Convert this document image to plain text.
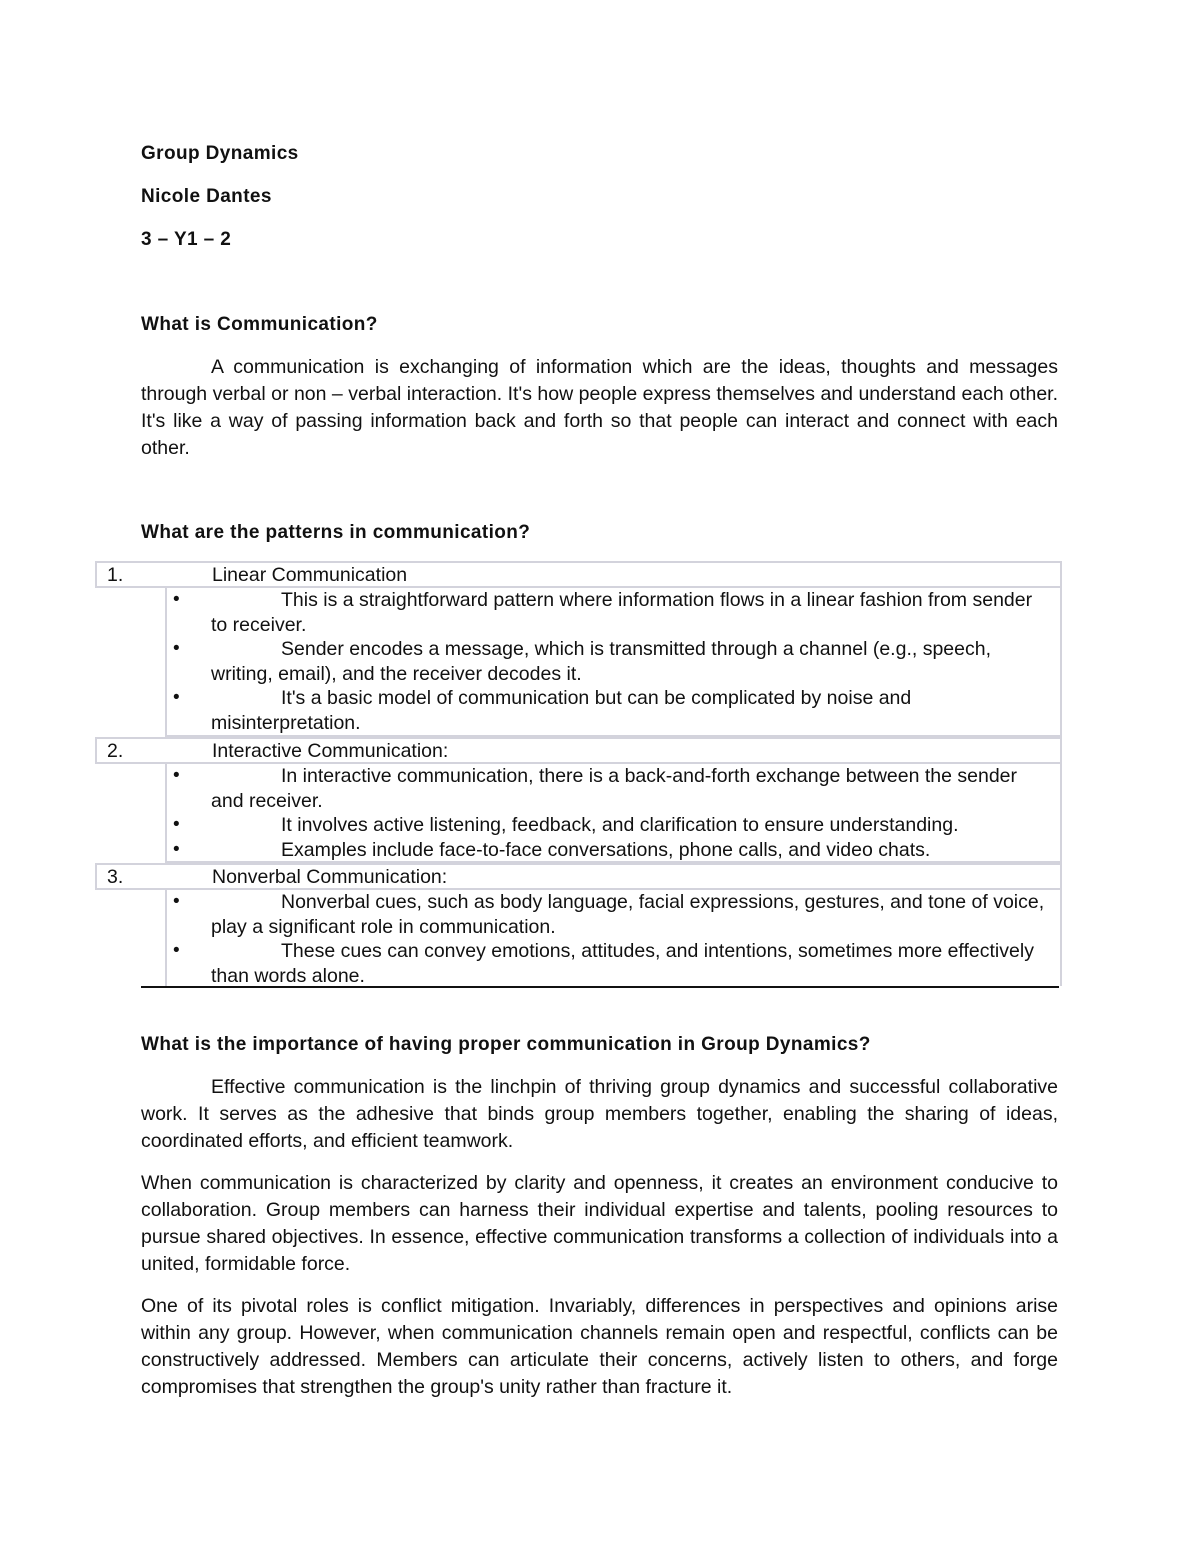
Group Dynamics
Nicole Dantes
3 – Y1 – 2
What is Communication?
A communication is exchanging of information which are the ideas, thoughts and messages through verbal or non – verbal interaction. It's how people express themselves and understand each other. It's like a way of passing information back and forth so that people can interact and connect with each other.
What are the patterns in communication?
What is the importance of having proper communication in Group Dynamics?
Effective communication is the linchpin of thriving group dynamics and successful collaborative work. It serves as the adhesive that binds group members together, enabling the sharing of ideas, coordinated efforts, and efficient teamwork.
When communication is characterized by clarity and openness, it creates an environment conducive to collaboration. Group members can harness their individual expertise and talents, pooling resources to pursue shared objectives. In essence, effective communication transforms a collection of individuals into a united, formidable force.
One of its pivotal roles is conflict mitigation. Invariably, differences in perspectives and opinions arise within any group. However, when communication channels remain open and respectful, conflicts can be constructively addressed. Members can articulate their concerns, actively listen to others, and forge compromises that strengthen the group's unity rather than fracture it.
1.	Linear Communication
•	This is a straightforward pattern where information flows in a linear fashion from sender to receiver.
•	Sender encodes a message, which is transmitted through a channel (e.g., speech, writing, email), and the receiver decodes it.
•	It's a basic model of communication but can be complicated by noise and misinterpretation.
2.	Interactive Communication:
•	In interactive communication, there is a back-and-forth exchange between the sender and receiver.
•	It involves active listening, feedback, and clarification to ensure understanding.
•	Examples include face-to-face conversations, phone calls, and video chats.
3.	Nonverbal Communication:
•	Nonverbal cues, such as body language, facial expressions, gestures, and tone of voice, play a significant role in communication.
•	These cues can convey emotions, attitudes, and intentions, sometimes more effectively than words alone.
